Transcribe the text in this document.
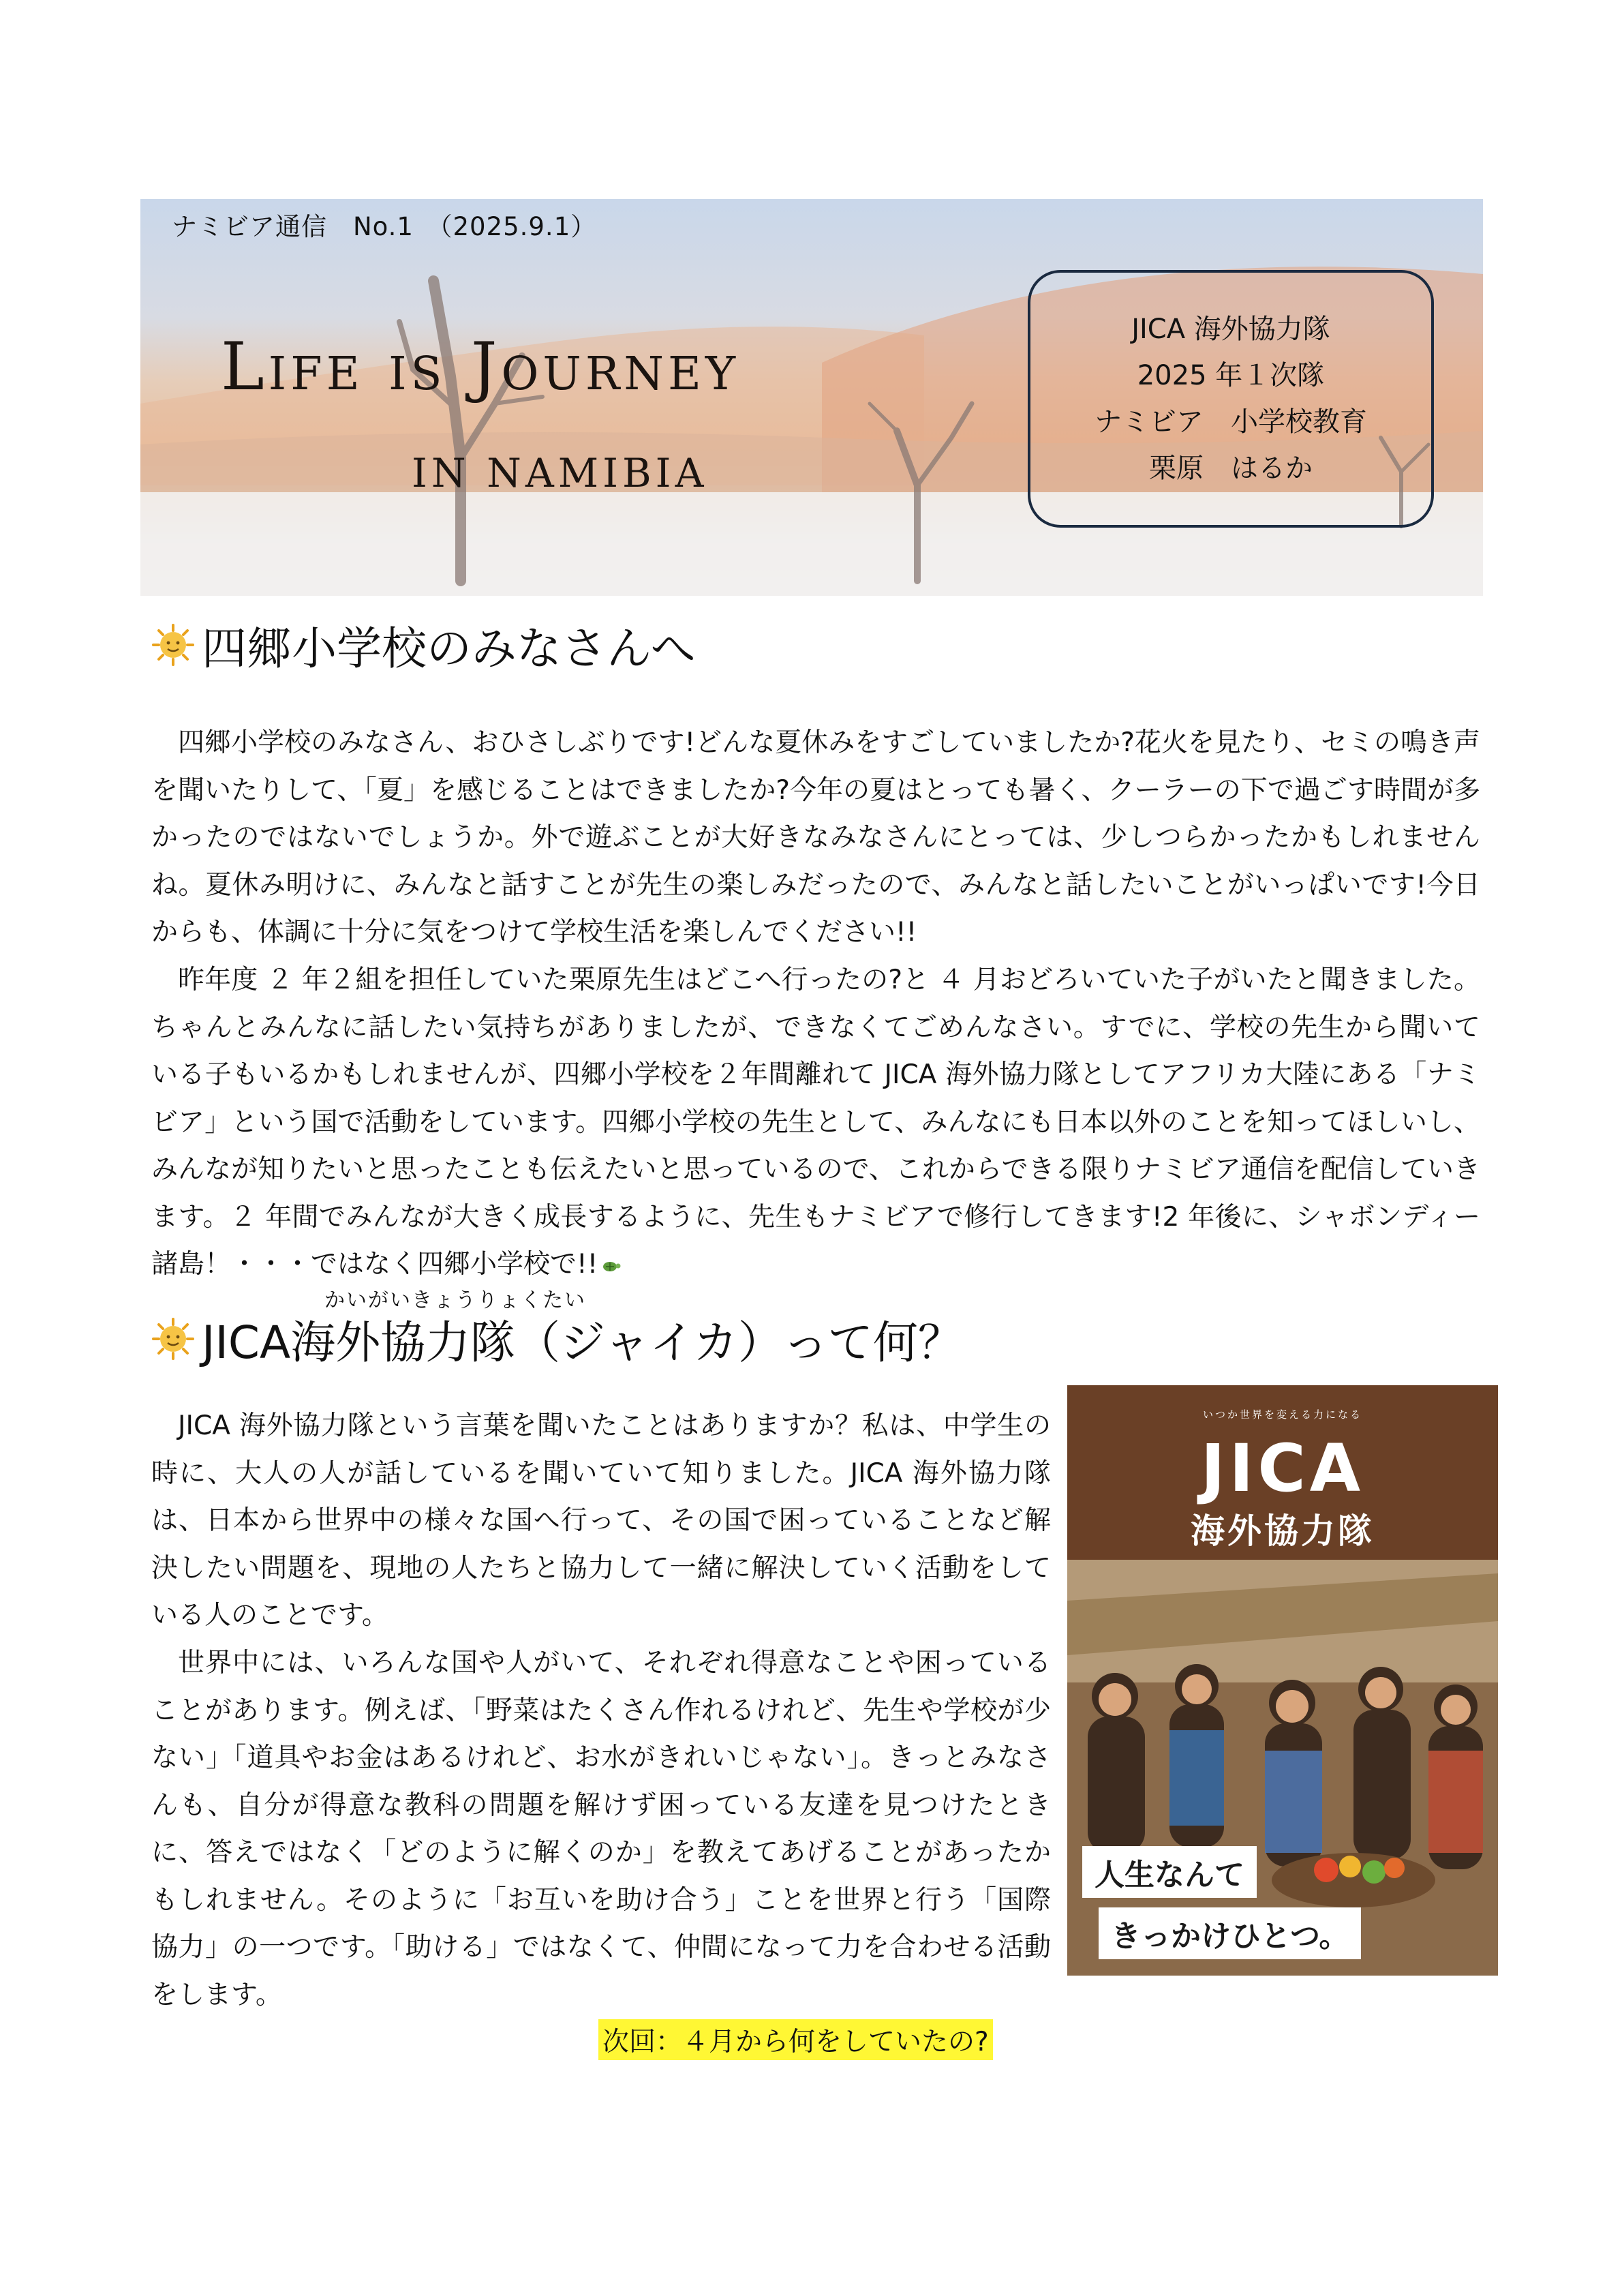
ナミビア通信　No.1　（2025.9.1）
Life is Journey
IN NAMIBIA
JICA 海外協力隊
2025 年１次隊
ナミビア　小学校教育
栗原　はるか
四郷小学校のみなさんへ

四郷小学校のみなさん、おひさしぶりです!どんな夏休みをすごしていましたか?花火を見たり、セミの鳴き声を聞いたりして、「夏」を感じることはできましたか?今年の夏はとっても暑く、クーラーの下で過ごす時間が多かったのではないでしょうか。外で遊ぶことが大好きなみなさんにとっては、少しつらかったかもしれませんね。夏休み明けに、みんなと話すことが先生の楽しみだったので、みんなと話したいことがいっぱいです!今日からも、体調に十分に気をつけて学校生活を楽しんでください!!

昨年度 ２ 年２組を担任していた栗原先生はどこへ行ったの?と ４ 月おどろいていた子がいたと聞きました。ちゃんとみんなに話したい気持ちがありましたが、できなくてごめんなさい。すでに、学校の先生から聞いている子もいるかもしれませんが、四郷小学校を２年間離れて JICA 海外協力隊としてアフリカ大陸にある「ナミビア」という国で活動をしています。四郷小学校の先生として、みんなにも日本以外のことを知ってほしいし、みんなが知りたいと思ったことも伝えたいと思っているので、これからできる限りナミビア通信を配信していきます。２ 年間でみんなが大きく成長するように、先生もナミビアで修行してきます!2 年後に、シャボンディー諸島！・・・ではなく四郷小学校で!!

かいがいきょうりょくたい
JICA海外協力隊（ジャイカ）って何？

JICA 海外協力隊という言葉を聞いたことはありますか？私は、中学生の時に、大人の人が話しているを聞いていて知りました。JICA 海外協力隊は、日本から世界中の様々な国へ行って、その国で困っていることなど解決したい問題を、現地の人たちと協力して一緒に解決していく活動をしている人のことです。

世界中には、いろんな国や人がいて、それぞれ得意なことや困っていることがあります。例えば、「野菜はたくさん作れるけれど、先生や学校が少ない」「道具やお金はあるけれど、お水がきれいじゃない」。きっとみなさんも、自分が得意な教科の問題を解けず困っている友達を見つけたときに、答えではなく「どのように解くのか」を教えてあげることがあったかもしれません。そのように「お互いを助け合う」ことを世界と行う「国際協力」の一つです。「助ける」ではなくて、仲間になって力を合わせる活動をします。

いつか世界を変える力になる
JICA
海外協力隊
人生なんて
きっかけひとつ。
次回：４月から何をしていたの?
